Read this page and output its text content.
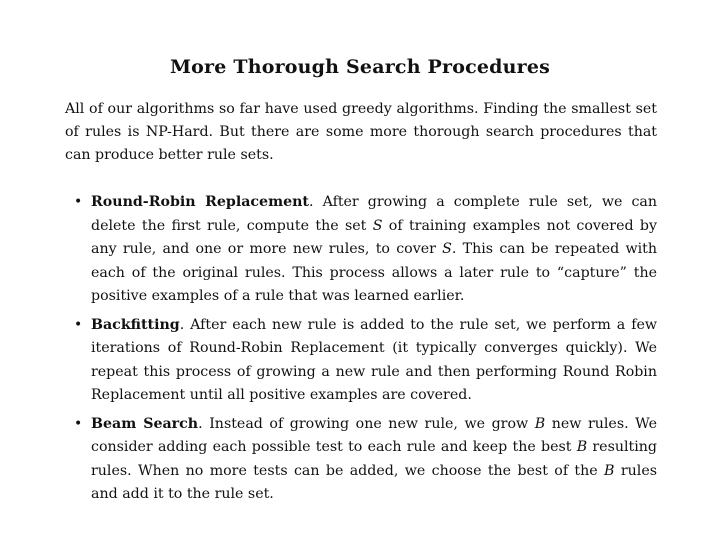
More Thorough Search Procedures

All of our algorithms so far have used greedy algorithms. Finding the smallest set of rules is NP-Hard. But there are some more thorough search procedures that can produce better rule sets.

• Round-Robin Replacement. After growing a complete rule set, we can delete the first rule, compute the set S of training examples not covered by any rule, and one or more new rules, to cover S. This can be repeated with each of the original rules. This process allows a later rule to “capture” the positive examples of a rule that was learned earlier.
• Backfitting. After each new rule is added to the rule set, we perform a few iterations of Round-Robin Replacement (it typically converges quickly). We repeat this process of growing a new rule and then performing Round Robin Replacement until all positive examples are covered.
• Beam Search. Instead of growing one new rule, we grow B new rules. We consider adding each possible test to each rule and keep the best B resulting rules. When no more tests can be added, we choose the best of the B rules and add it to the rule set.
